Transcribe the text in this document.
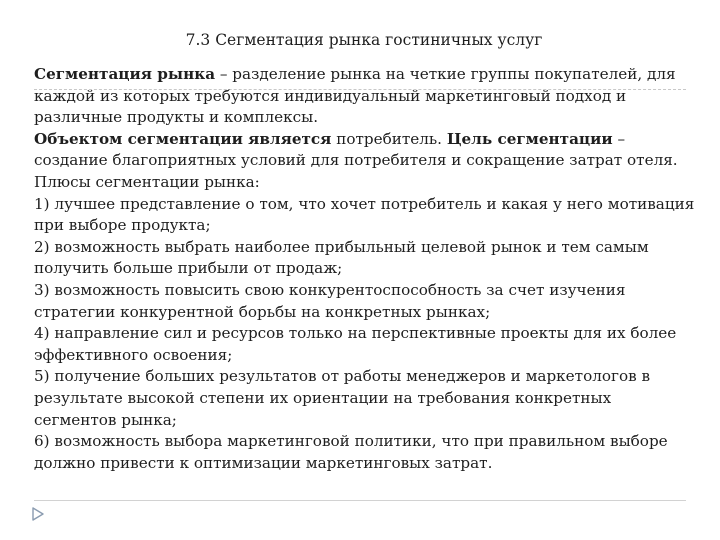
7.3 Сегментация рынка гостиничных услуг

Сегментация рынка – разделение рынка на четкие группы покупателей, для каждой из которых требуются индивидуальный маркетинговый подход и различные продукты и комплексы.

Объектом сегментации является потребитель. Цель сегментации – создание благоприятных условий для потребителя и сокращение затрат отеля.

Плюсы сегментации рынка:

1) лучшее представление о том, что хочет потребитель и какая у него мотивация при выборе продукта;

2) возможность выбрать наиболее прибыльный целевой рынок и тем самым получить больше прибыли от продаж;

3) возможность повысить свою конкурентоспособность за счет изучения стратегии конкурентной борьбы на конкретных рынках;

4) направление сил и ресурсов только на перспективные проекты для их более эффективного освоения;

5) получение больших результатов от работы менеджеров и маркетологов в результате высокой степени их ориентации на требования конкретных сегментов рынка;

6) возможность выбора маркетинговой политики, что при правильном выборе должно привести к оптимизации маркетинговых затрат.
